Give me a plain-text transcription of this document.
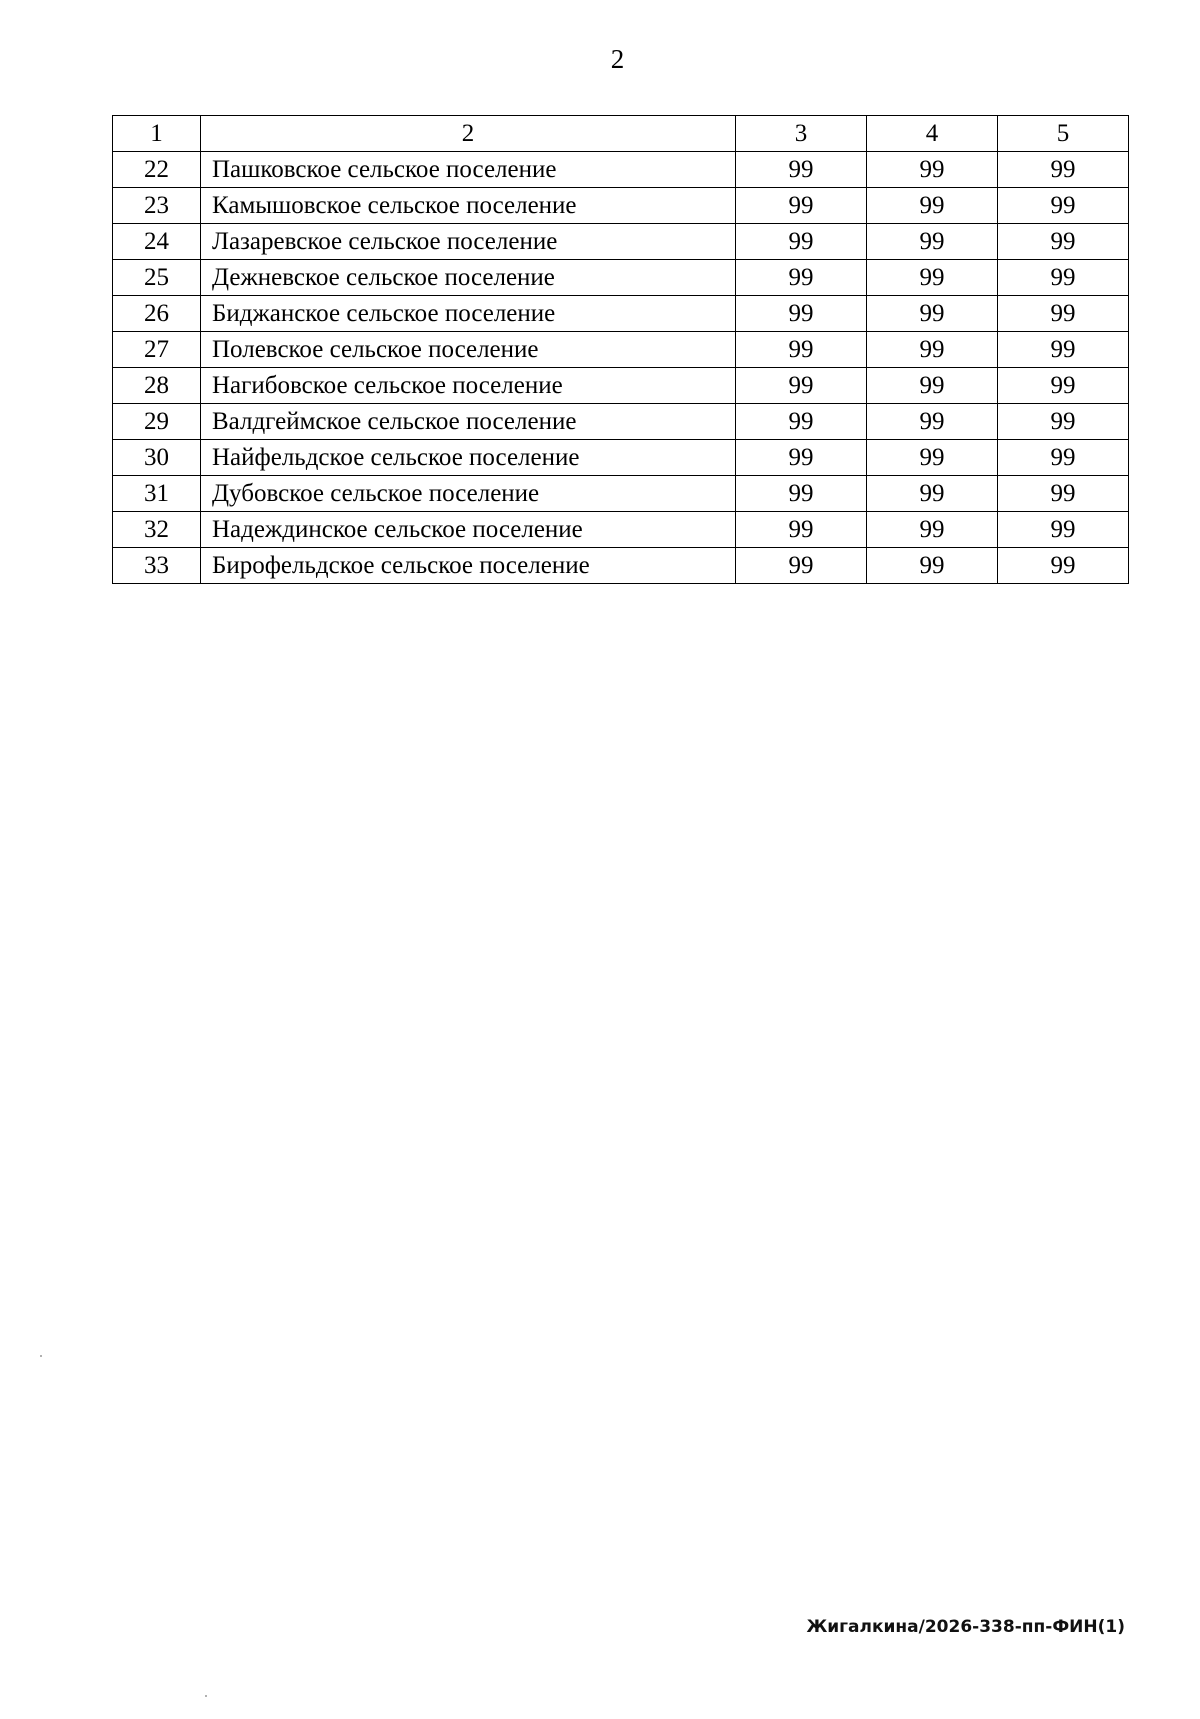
2
1	2	3	4	5
22	Пашковское сельское поселение	99	99	99
23	Камышовское сельское поселение	99	99	99
24	Лазаревское сельское поселение	99	99	99
25	Дежневское сельское поселение	99	99	99
26	Биджанское сельское поселение	99	99	99
27	Полевское сельское поселение	99	99	99
28	Нагибовское сельское поселение	99	99	99
29	Валдгеймское сельское поселение	99	99	99
30	Найфельдское сельское поселение	99	99	99
31	Дубовское сельское поселение	99	99	99
32	Надеждинское сельское поселение	99	99	99
33	Бирофельдское сельское поселение	99	99	99
Жигалкина/2026-338-пп-ФИН(1)
